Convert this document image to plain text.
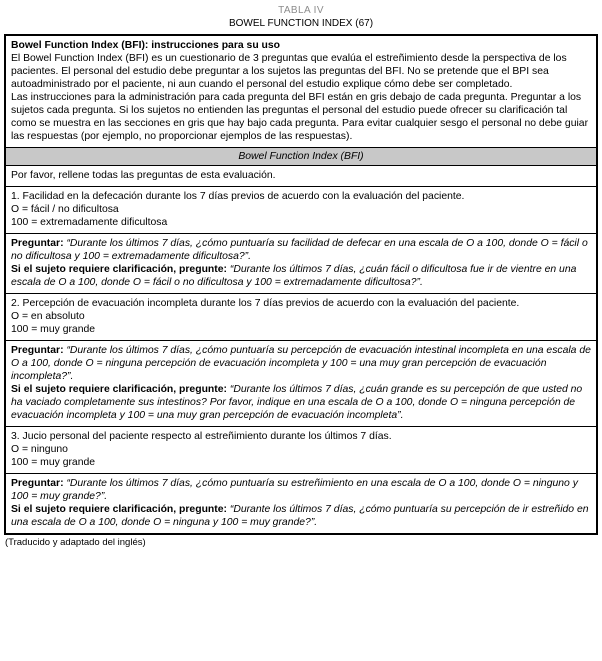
TABLA IV
BOWEL FUNCTION INDEX (67)

Bowel Function Index (BFI): instrucciones para su uso

El Bowel Function Index (BFI) es un cuestionario de 3 preguntas que evalúa el estreñimiento desde la perspectiva de los pacientes. El personal del estudio debe preguntar a los sujetos las preguntas del BFI. No se pretende que el BPI sea autoadministrado por el paciente, ni aun cuando el personal del estudio explique cómo debe ser completado.

Las instrucciones para la administración para cada pregunta del BFI están en gris debajo de cada pregunta. Preguntar a los sujetos cada pregunta. Si los sujetos no entienden las preguntas el personal del estudio puede ofrecer su clarificación tal como se muestra en las secciones en gris que hay bajo cada pregunta. Para evitar cualquier sesgo el personal no debe guiar las respuestas (por ejemplo, no proporcionar ejemplos de las respuestas).

Bowel Function Index (BFI)

Por favor, rellene todas las preguntas de esta evaluación.

1. Facilidad en la defecación durante los 7 días previos de acuerdo con la evaluación del paciente.

O = fácil / no dificultosa
100 = extremadamente dificultosa

Preguntar: “Durante los últimos 7 días, ¿cómo puntuaría su facilidad de defecar en una escala de O a 100, donde O = fácil o no dificultosa y 100 = extremadamente dificultosa?”.

Si el sujeto requiere clarificación, pregunte: “Durante los últimos 7 días, ¿cuán fácil o dificultosa fue ir de vientre en una escala de O a 100, donde O = fácil o no dificultosa y 100 = extremadamente dificultosa?”.

2. Percepción de evacuación incompleta durante los 7 días previos de acuerdo con la evaluación del paciente.

O = en absoluto
100 = muy grande

Preguntar: “Durante los últimos 7 días, ¿cómo puntuaría su percepción de evacuación intestinal incompleta en una escala de O a 100, donde O = ninguna percepción de evacuación incompleta y 100 = una muy gran percepción de evacuación incompleta?”.

Si el sujeto requiere clarificación, pregunte: “Durante los últimos 7 días, ¿cuán grande es su percepción de que usted no ha vaciado completamente sus intestinos? Por favor, indique en una escala de O a 100, donde O = ninguna percepción de evacuación incompleta y 100 = una muy gran percepción de evacuación incompleta”.

3. Jucio personal del paciente respecto al estreñimiento durante los últimos 7 días.

O = ninguno
100 = muy grande

Preguntar: “Durante los últimos 7 días, ¿cómo puntuaría su estreñimiento en una escala de O a 100, donde O = ninguno y 100 = muy grande?”.

Si el sujeto requiere clarificación, pregunte: “Durante los últimos 7 días, ¿cómo puntuaría su percepción de ir estreñido en una escala de O a 100, donde O = ninguna y 100 = muy grande?”.

(Traducido y adaptado del inglés)
